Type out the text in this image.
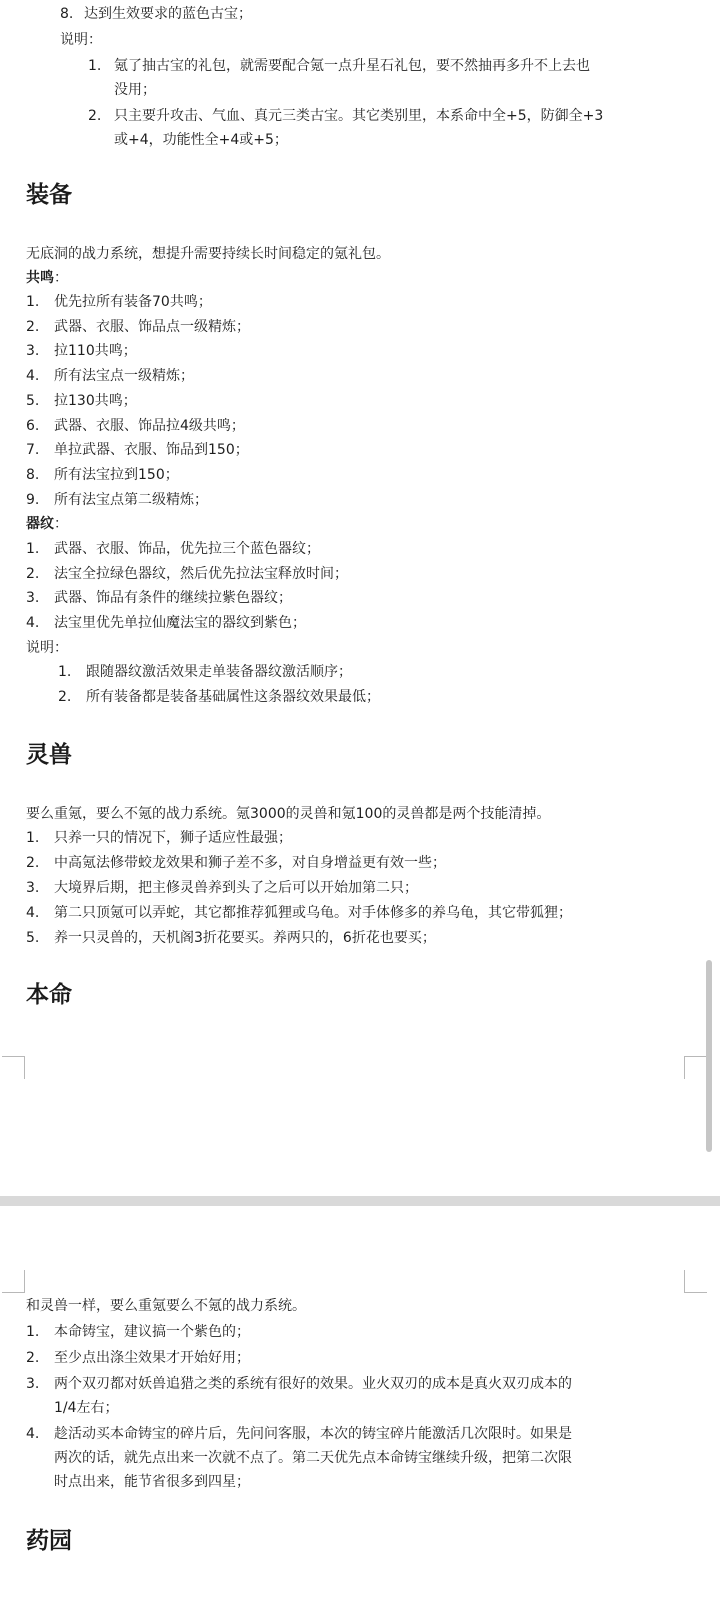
8. 达到生效要求的蓝色古宝；
说明：
1. 氪了抽古宝的礼包，就需要配合氪一点升星石礼包，要不然抽再多升不上去也
没用；
2. 只主要升攻击、气血、真元三类古宝。其它类别里，本系命中全+5，防御全+3
或+4，功能性全+4或+5；
装备
无底洞的战力系统，想提升需要持续长时间稳定的氪礼包。
共鸣：
1. 优先拉所有装备70共鸣；
2. 武器、衣服、饰品点一级精炼；
3. 拉110共鸣；
4. 所有法宝点一级精炼；
5. 拉130共鸣；
6. 武器、衣服、饰品拉4级共鸣；
7. 单拉武器、衣服、饰品到150；
8. 所有法宝拉到150；
9. 所有法宝点第二级精炼；
器纹：
1. 武器、衣服、饰品，优先拉三个蓝色器纹；
2. 法宝全拉绿色器纹，然后优先拉法宝释放时间；
3. 武器、饰品有条件的继续拉紫色器纹；
4. 法宝里优先单拉仙魔法宝的器纹到紫色；
说明：
1. 跟随器纹激活效果走单装备器纹激活顺序；
2. 所有装备都是装备基础属性这条器纹效果最低；
灵兽
要么重氪，要么不氪的战力系统。氪3000的灵兽和氪100的灵兽都是两个技能清掉。
1. 只养一只的情况下，狮子适应性最强；
2. 中高氪法修带蛟龙效果和狮子差不多，对自身增益更有效一些；
3. 大境界后期，把主修灵兽养到头了之后可以开始加第二只；
4. 第二只顶氪可以弄蛇，其它都推荐狐狸或乌龟。对手体修多的养乌龟，其它带狐狸；
5. 养一只灵兽的，天机阁3折花要买。养两只的，6折花也要买；
本命
和灵兽一样，要么重氪要么不氪的战力系统。
1. 本命铸宝，建议搞一个紫色的；
2. 至少点出涤尘效果才开始好用；
3. 两个双刃都对妖兽追猎之类的系统有很好的效果。业火双刃的成本是真火双刃成本的
1/4左右；
4. 趁活动买本命铸宝的碎片后，先问问客服，本次的铸宝碎片能激活几次限时。如果是
两次的话，就先点出来一次就不点了。第二天优先点本命铸宝继续升级，把第二次限
时点出来，能节省很多到四星；
药园
